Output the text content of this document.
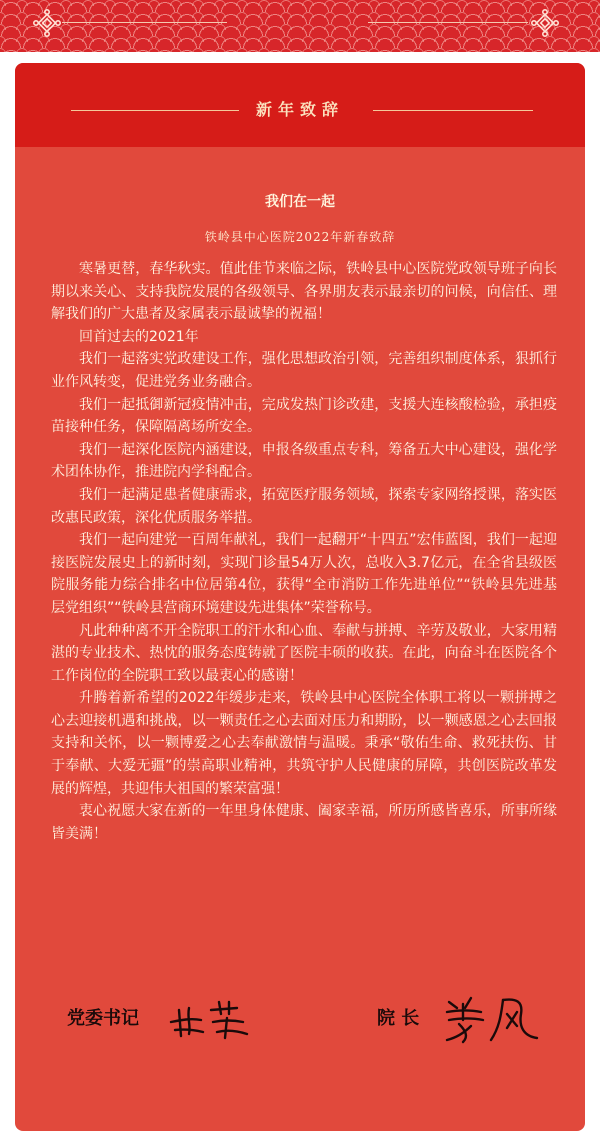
新年致辞
我们在一起
铁岭县中心医院2022年新春致辞

寒暑更替，春华秋实。值此佳节来临之际，铁岭县中心医院党政领导班子向长期以来关心、支持我院发展的各级领导、各界朋友表示最亲切的问候，向信任、理解我们的广大患者及家属表示最诚挚的祝福！

回首过去的2021年

我们一起落实党政建设工作，强化思想政治引领，完善组织制度体系，狠抓行业作风转变，促进党务业务融合。

我们一起抵御新冠疫情冲击，完成发热门诊改建，支援大连核酸检验，承担疫苗接种任务，保障隔离场所安全。

我们一起深化医院内涵建设，申报各级重点专科，筹备五大中心建设，强化学术团体协作，推进院内学科配合。

我们一起满足患者健康需求，拓宽医疗服务领域，探索专家网络授课，落实医改惠民政策，深化优质服务举措。

我们一起向建党一百周年献礼，我们一起翻开“十四五”宏伟蓝图，我们一起迎接医院发展史上的新时刻，实现门诊量54万人次，总收入3.7亿元，在全省县级医院服务能力综合排名中位居第4位，获得“全市消防工作先进单位”“铁岭县先进基层党组织”“铁岭县营商环境建设先进集体”荣誉称号。

凡此种种离不开全院职工的汗水和心血、奉献与拼搏、辛劳及敬业，大家用精湛的专业技术、热忱的服务态度铸就了医院丰硕的收获。在此，向奋斗在医院各个工作岗位的全院职工致以最衷心的感谢！

升腾着新希望的2022年缓步走来，铁岭县中心医院全体职工将以一颗拼搏之心去迎接机遇和挑战，以一颗责任之心去面对压力和期盼，以一颗感恩之心去回报支持和关怀，以一颗博爱之心去奉献激情与温暖。秉承“敬佑生命、救死扶伤、甘于奉献、大爱无疆”的崇高职业精神，共筑守护人民健康的屏障，共创医院改革发展的辉煌，共迎伟大祖国的繁荣富强！

衷心祝愿大家在新的一年里身体健康、阖家幸福，所历所感皆喜乐，所事所缘皆美满！

党委书记	院 长
